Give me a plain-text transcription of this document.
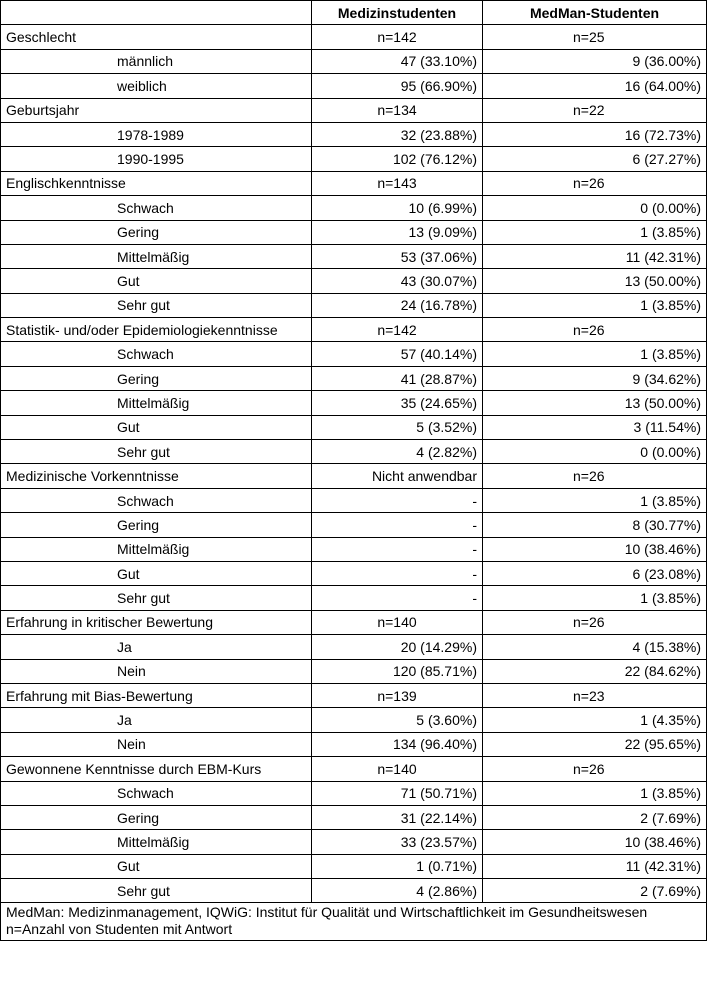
	Medizinstudenten	MedMan-Studenten
Geschlecht	n=142	n=25
männlich	47 (33.10%)	9 (36.00%)
weiblich	95 (66.90%)	16 (64.00%)
Geburtsjahr	n=134	n=22
1978-1989	32 (23.88%)	16 (72.73%)
1990-1995	102 (76.12%)	6 (27.27%)
Englischkenntnisse	n=143	n=26
Schwach	10 (6.99%)	0 (0.00%)
Gering	13 (9.09%)	1 (3.85%)
Mittelmäßig	53 (37.06%)	11 (42.31%)
Gut	43 (30.07%)	13 (50.00%)
Sehr gut	24 (16.78%)	1 (3.85%)
Statistik- und/oder Epidemiologiekenntnisse	n=142	n=26
Schwach	57 (40.14%)	1 (3.85%)
Gering	41 (28.87%)	9 (34.62%)
Mittelmäßig	35 (24.65%)	13 (50.00%)
Gut	5 (3.52%)	3 (11.54%)
Sehr gut	4 (2.82%)	0 (0.00%)
Medizinische Vorkenntnisse	Nicht anwendbar	n=26
Schwach	-	1 (3.85%)
Gering	-	8 (30.77%)
Mittelmäßig	-	10 (38.46%)
Gut	-	6 (23.08%)
Sehr gut	-	1 (3.85%)
Erfahrung in kritischer Bewertung	n=140	n=26
Ja	20 (14.29%)	4 (15.38%)
Nein	120 (85.71%)	22 (84.62%)
Erfahrung mit Bias-Bewertung	n=139	n=23
Ja	5 (3.60%)	1 (4.35%)
Nein	134 (96.40%)	22 (95.65%)
Gewonnene Kenntnisse durch EBM-Kurs	n=140	n=26
Schwach	71 (50.71%)	1 (3.85%)
Gering	31 (22.14%)	2 (7.69%)
Mittelmäßig	33 (23.57%)	10 (38.46%)
Gut	1 (0.71%)	11 (42.31%)
Sehr gut	4 (2.86%)	2 (7.69%)

MedMan: Medizinmanagement, IQWiG: Institut für Qualität und Wirtschaftlichkeit im Gesundheitswesen
n=Anzahl von Studenten mit Antwort		
